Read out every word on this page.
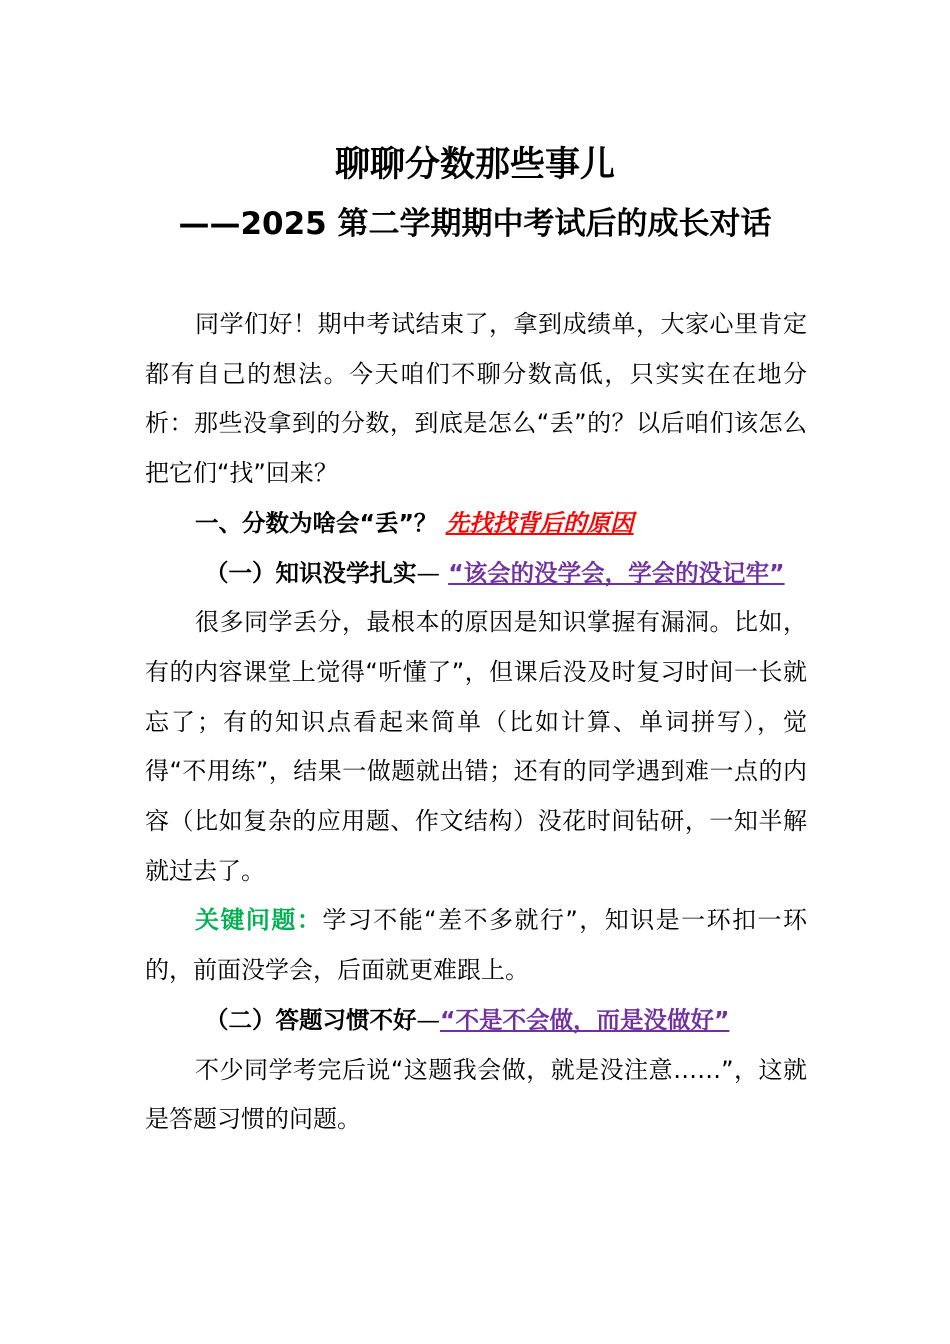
聊聊分数那些事儿
——2025 第二学期期中考试后的成长对话

同学们好！期中考试结束了，拿到成绩单，大家心里肯定都有自己的想法。今天咱们不聊分数高低，只实实在在地分析：那些没拿到的分数，到底是怎么“丢”的？以后咱们该怎么把它们“找”回来？

一、分数为啥会“丢”？ 先找找背后的原因

（一）知识没学扎实— “该会的没学会，学会的没记牢”

很多同学丢分，最根本的原因是知识掌握有漏洞。比如，有的内容课堂上觉得“听懂了”，但课后没及时复习时间一长就忘了；有的知识点看起来简单（比如计算、单词拼写），觉得“不用练”，结果一做题就出错；还有的同学遇到难一点的内容（比如复杂的应用题、作文结构）没花时间钻研，一知半解就过去了。

关键问题：学习不能“差不多就行”，知识是一环扣一环的，前面没学会，后面就更难跟上。

（二）答题习惯不好—“不是不会做，而是没做好”

不少同学考完后说“这题我会做，就是没注意……”，这就是答题习惯的问题。
